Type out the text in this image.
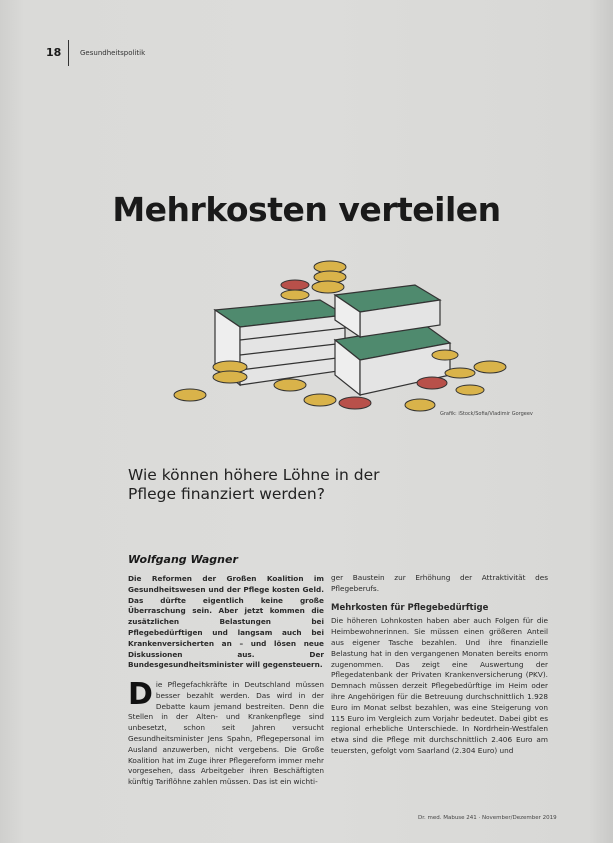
18	Gesundheitspolitik
Mehrkosten verteilen
Grafik: iStock/Sofia/Vladimir Gorgeev
Wie können höhere Löhne in der Pflege finanziert werden?
Wolfgang Wagner
Die Reformen der Großen Koalition im Gesundheitswesen und der Pflege kosten Geld. Das dürfte eigentlich keine große Überraschung sein. Aber jetzt kommen die zusätzlichen Belastungen bei Pflegebedürftigen und langsam auch bei Krankenversicherten an – und lösen neue Diskussionen aus. Der Bundesgesundheitsminister will gegensteuern.
Die Pflegefachkräfte in Deutschland müssen besser bezahlt werden. Das wird in der Debatte kaum jemand bestreiten. Denn die Stellen in der Alten- und Krankenpflege sind unbesetzt, schon seit Jahren versucht Gesundheitsminister Jens Spahn, Pflegepersonal im Ausland anzuwerben, nicht vergebens. Die Große Koalition hat im Zuge ihrer Pflegereform immer mehr vorgesehen, dass Arbeitgeber ihren Beschäftigten künftig Tariflöhne zahlen müssen. Das ist ein wichti-

ger Baustein zur Erhöhung der Attraktivität des Pflegeberufs.

Mehrkosten für Pflegebedürftige

Die höheren Lohnkosten haben aber auch Folgen für die Heimbewohnerinnen. Sie müssen einen größeren Anteil aus eigener Tasche bezahlen. Und ihre finanzielle Belastung hat in den vergangenen Monaten bereits enorm zugenommen. Das zeigt eine Auswertung der Pflegedatenbank der Privaten Krankenversicherung (PKV). Demnach müssen derzeit Pflegebedürftige im Heim oder ihre Angehörigen für die Betreuung durchschnittlich 1.928 Euro im Monat selbst bezahlen, was eine Steigerung von 115 Euro im Vergleich zum Vorjahr bedeutet. Dabei gibt es regional erhebliche Unterschiede. In Nordrhein-Westfalen etwa sind die Pflege mit durchschnittlich 2.406 Euro am teuersten, gefolgt vom Saarland (2.304 Euro) und

Dr. med. Mabuse 241 · November/Dezember 2019
